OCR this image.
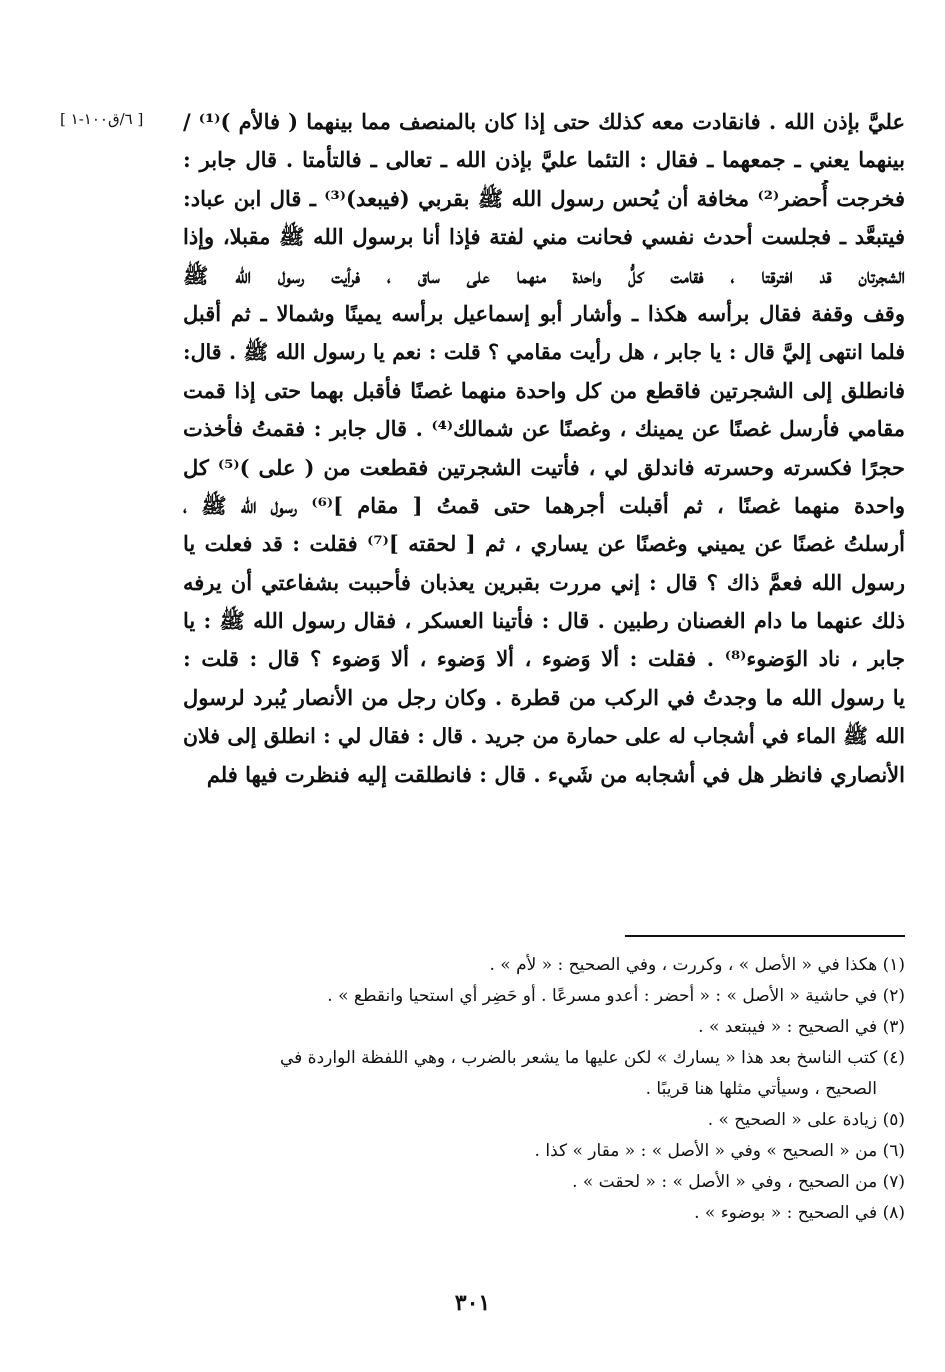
[ ٦/ق١٠٠-١ ]	عليَّ بإذن الله . فانقادت معه كذلك حتى إذا كان بالمنصف مما بينهما ( فالأم )⁽¹⁾ /
بينهما يعني ـ جمعهما ـ فقال : التئما عليَّ بإذن الله ـ تعالى ـ فالتأمتا . قال جابر :
فخرجت أُحضر⁽²⁾ مخافة أن يُحس رسول الله ﷺ بقربي (فيبعد)⁽³⁾ ـ قال ابن عباد:
فيتبعَّد ـ فجلست أحدث نفسي فحانت مني لفتة فإذا أنا برسول الله ﷺ مقبلا، وإذا
الشجرتان قد افترقتا ، فقامت كلُّ واحدة منهما على ساق ، فرأيت رسول الله ﷺ
وقف وقفة فقال برأسه هكذا ـ وأشار أبو إسماعيل برأسه يمينًا وشمالا ـ ثم أقبل
فلما انتهى إليَّ قال : يا جابر ، هل رأيت مقامي ؟ قلت : نعم يا رسول الله ﷺ . قال:
فانطلق إلى الشجرتين فاقطع من كل واحدة منهما غصنًا فأقبل بهما حتى إذا قمت
مقامي فأرسل غصنًا عن يمينك ، وغصنًا عن شمالك⁽⁴⁾ . قال جابر : فقمتُ فأخذت
حجرًا فكسرته وحسرته فاندلق لي ، فأتيت الشجرتين فقطعت من ( على )⁽⁵⁾ كل
واحدة منهما غصنًا ، ثم أقبلت أجرهما حتى قمتُ [ مقام ]⁽⁶⁾ رسول الله ﷺ ،
أرسلتُ غصنًا عن يميني وغصنًا عن يساري ، ثم [ لحقته ]⁽⁷⁾ فقلت : قد فعلت يا
رسول الله فعمَّ ذاك ؟ قال : إني مررت بقبرين يعذبان فأحببت بشفاعتي أن يرفه
ذلك عنهما ما دام الغصنان رطبين . قال : فأتينا العسكر ، فقال رسول الله ﷺ : يا
جابر ، ناد الوَضوء⁽⁸⁾ . فقلت : ألا وَضوء ، ألا وَضوء ، ألا وَضوء ؟ قال : قلت :
يا رسول الله ما وجدتُ في الركب من قطرة . وكان رجل من الأنصار يُبرد لرسول
الله ﷺ الماء في أشجاب له على حمارة من جريد . قال : فقال لي : انطلق إلى فلان
الأنصاري فانظر هل في أشجابه من شَيء . قال : فانطلقت إليه فنظرت فيها فلم
(١) هكذا في « الأصل » ، وكررت ، وفي الصحيح : « لأم » .
(٢) في حاشية « الأصل » : « أحضر : أعدو مسرعًا . أو حَضِر أي استحيا وانقطع » .
(٣) في الصحيح : « فيبتعد » .
(٤) كتب الناسخ بعد هذا « يسارك » لكن عليها ما يشعر بالضرب ، وهي اللفظة الواردة في
الصحيح ، وسيأتي مثلها هنا قريبًا .
(٥) زيادة على « الصحيح » .
(٦) من « الصحيح » وفي « الأصل » : « مقار » كذا .
(٧) من الصحيح ، وفي « الأصل » : « لحقت » .
(٨) في الصحيح : « بوضوء » .
٣٠١
